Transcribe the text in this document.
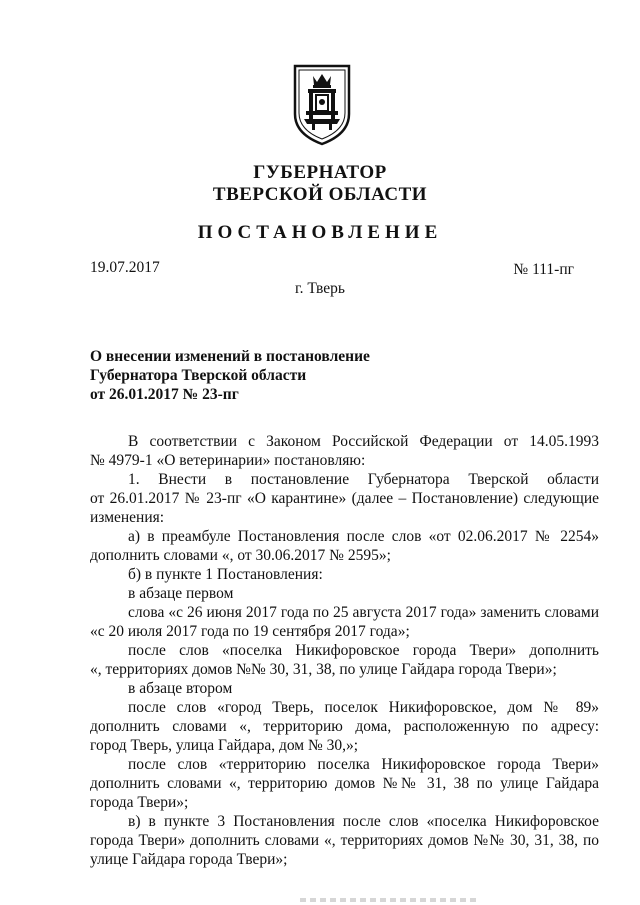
ГУБЕРНАТОР
ТВЕРСКОЙ ОБЛАСТИ
ПОСТАНОВЛЕНИЕ
19.07.2017	№ 111-пг
г. Тверь
О внесении изменений в постановление
Губернатора Тверской области
от 26.01.2017 № 23-пг
В соответствии с Законом Российской Федерации от 14.05.1993
№ 4979-1 «О ветеринарии» постановляю:
1. Внести в постановление Губернатора Тверской области
от 26.01.2017 № 23-пг «О карантине» (далее – Постановление) следующие
изменения:
а) в преамбуле Постановления после слов «от 02.06.2017 № 2254»
дополнить словами «, от 30.06.2017 № 2595»;
б) в пункте 1 Постановления:
в абзаце первом
слова «с 26 июня 2017 года по 25 августа 2017 года» заменить словами
«с 20 июля 2017 года по 19 сентября 2017 года»;
после слов «поселка Никифоровское города Твери» дополнить
«, территориях домов №№ 30, 31, 38, по улице Гайдара города Твери»;
в абзаце втором
после слов «город Тверь, поселок Никифоровское, дом № 89»
дополнить словами «, территорию дома, расположенную по адресу:
город Тверь, улица Гайдара, дом № 30,»;
после слов «территорию поселка Никифоровское города Твери»
дополнить словами «, территорию домов №№ 31, 38 по улице Гайдара
города Твери»;
в) в пункте 3 Постановления после слов «поселка Никифоровское
города Твери» дополнить словами «, территориях домов №№ 30, 31, 38, по
улице Гайдара города Твери»;
